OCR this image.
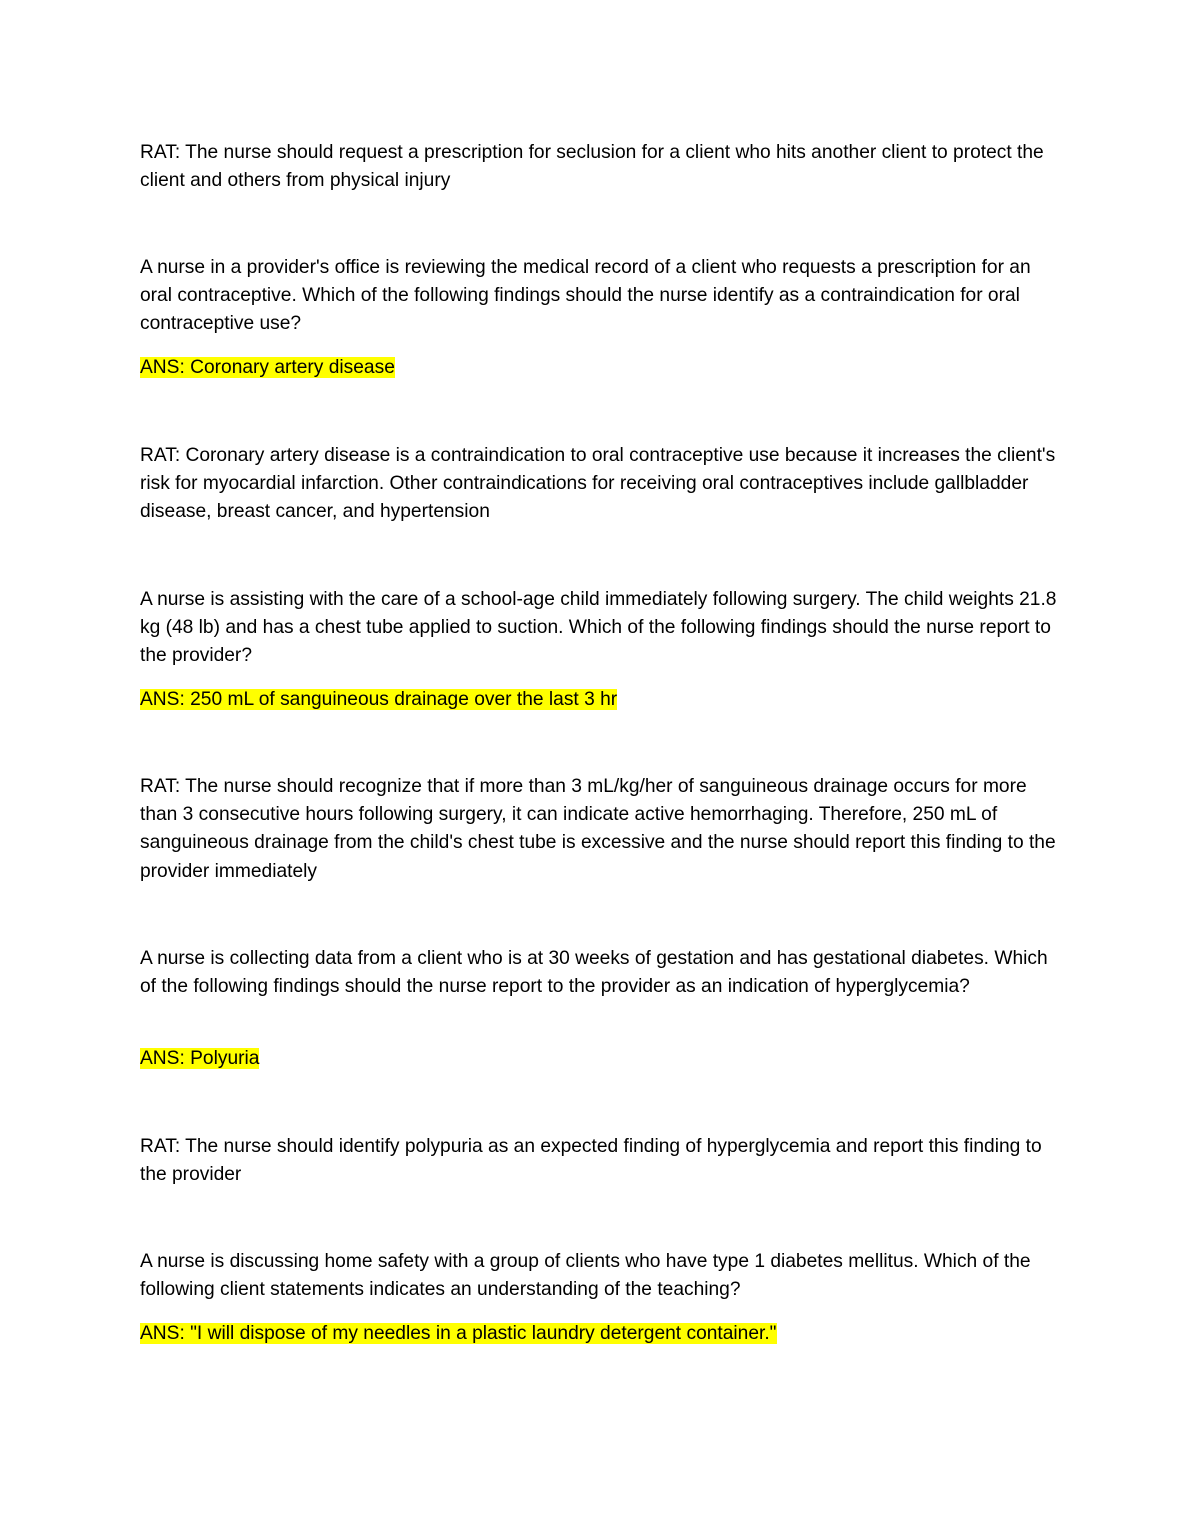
RAT: The nurse should request a prescription for seclusion for a client who hits another client to protect the client and others from physical injury

A nurse in a provider's office is reviewing the medical record of a client who requests a prescription for an oral contraceptive. Which of the following findings should the nurse identify as a contraindication for oral contraceptive use?

ANS: Coronary artery disease

RAT: Coronary artery disease is a contraindication to oral contraceptive use because it increases the client's risk for myocardial infarction. Other contraindications for receiving oral contraceptives include gallbladder disease, breast cancer, and hypertension

A nurse is assisting with the care of a school-age child immediately following surgery. The child weights 21.8 kg (48 lb) and has a chest tube applied to suction. Which of the following findings should the nurse report to the provider?

ANS: 250 mL of sanguineous drainage over the last 3 hr

RAT: The nurse should recognize that if more than 3 mL/kg/her of sanguineous drainage occurs for more than 3 consecutive hours following surgery, it can indicate active hemorrhaging. Therefore, 250 mL of sanguineous drainage from the child's chest tube is excessive and the nurse should report this finding to the provider immediately

A nurse is collecting data from a client who is at 30 weeks of gestation and has gestational diabetes. Which of the following findings should the nurse report to the provider as an indication of hyperglycemia?

ANS: Polyuria

RAT: The nurse should identify polypuria as an expected finding of hyperglycemia and report this finding to the provider

A nurse is discussing home safety with a group of clients who have type 1 diabetes mellitus. Which of the following client statements indicates an understanding of the teaching?

ANS: "I will dispose of my needles in a plastic laundry detergent container."
